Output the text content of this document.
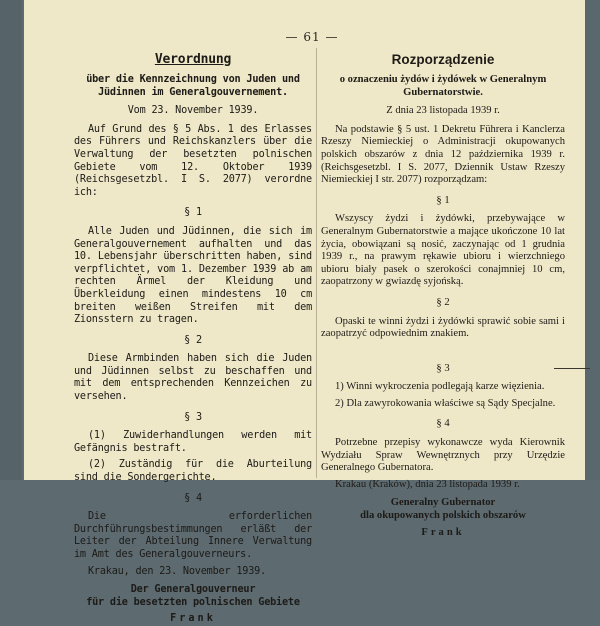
— 61 —
Verordnung
über die Kennzeichnung von Juden und Jüdinnen im Generalgouvernement.
Vom 23. November 1939.

Auf Grund des § 5 Abs. 1 des Erlasses des Führers und Reichskanzlers über die Verwaltung der besetzten polnischen Gebiete vom 12. Oktober 1939 (Reichsgesetzbl. I S. 2077) verordne ich:

§ 1

Alle Juden und Jüdinnen, die sich im Generalgouvernement aufhalten und das 10. Lebensjahr überschritten haben, sind verpflichtet, vom 1. Dezember 1939 ab am rechten Ärmel der Kleidung und Überkleidung einen mindestens 10 cm breiten weißen Streifen mit dem Zionsstern zu tragen.

§ 2

Diese Armbinden haben sich die Juden und Jüdinnen selbst zu beschaffen und mit dem entsprechenden Kennzeichen zu versehen.

§ 3

(1) Zuwiderhandlungen werden mit Gefängnis bestraft.

(2) Zuständig für die Aburteilung sind die Sondergerichte.

§ 4

Die erforderlichen Durchführungsbestimmungen erläßt der Leiter der Abteilung Innere Verwaltung im Amt des Generalgouverneurs.

Krakau, den 23. November 1939.

Der Generalgouverneur
für die besetzten polnischen Gebiete
Frank
Rozporządzenie
o oznaczeniu żydów i żydówek w Generalnym Gubernatorstwie.
Z dnia 23 listopada 1939 r.

Na podstawie § 5 ust. 1 Dekretu Führera i Kanclerza Rzeszy Niemieckiej o Administracji okupowanych polskich obszarów z dnia 12 października 1939 r. (Reichsgesetzbl. I S. 2077, Dziennik Ustaw Rzeszy Niemieckiej I str. 2077) rozporządzam:

§ 1

Wszyscy żydzi i żydówki, przebywające w Generalnym Gubernatorstwie a mające ukończone 10 lat życia, obowiązani są nosić, zaczynając od 1 grudnia 1939 r., na prawym rękawie ubioru i wierzchniego ubioru biały pasek o szerokości conajmniej 10 cm, zaopatrzony w gwiazdę syjońską.

§ 2

Opaski te winni żydzi i żydówki sprawić sobie sami i zaopatrzyć odpowiednim znakiem.

§ 3

1) Winni wykroczenia podlegają karze więzienia.

2) Dla zawyrokowania właściwe są Sądy Specjalne.

§ 4

Potrzebne przepisy wykonawcze wyda Kierownik Wydziału Spraw Wewnętrznych przy Urzędzie Generalnego Gubernatora.

Krakau (Kraków), dnia 23 listopada 1939 r.

Generalny Gubernator
dla okupowanych polskich obszarów
Frank
